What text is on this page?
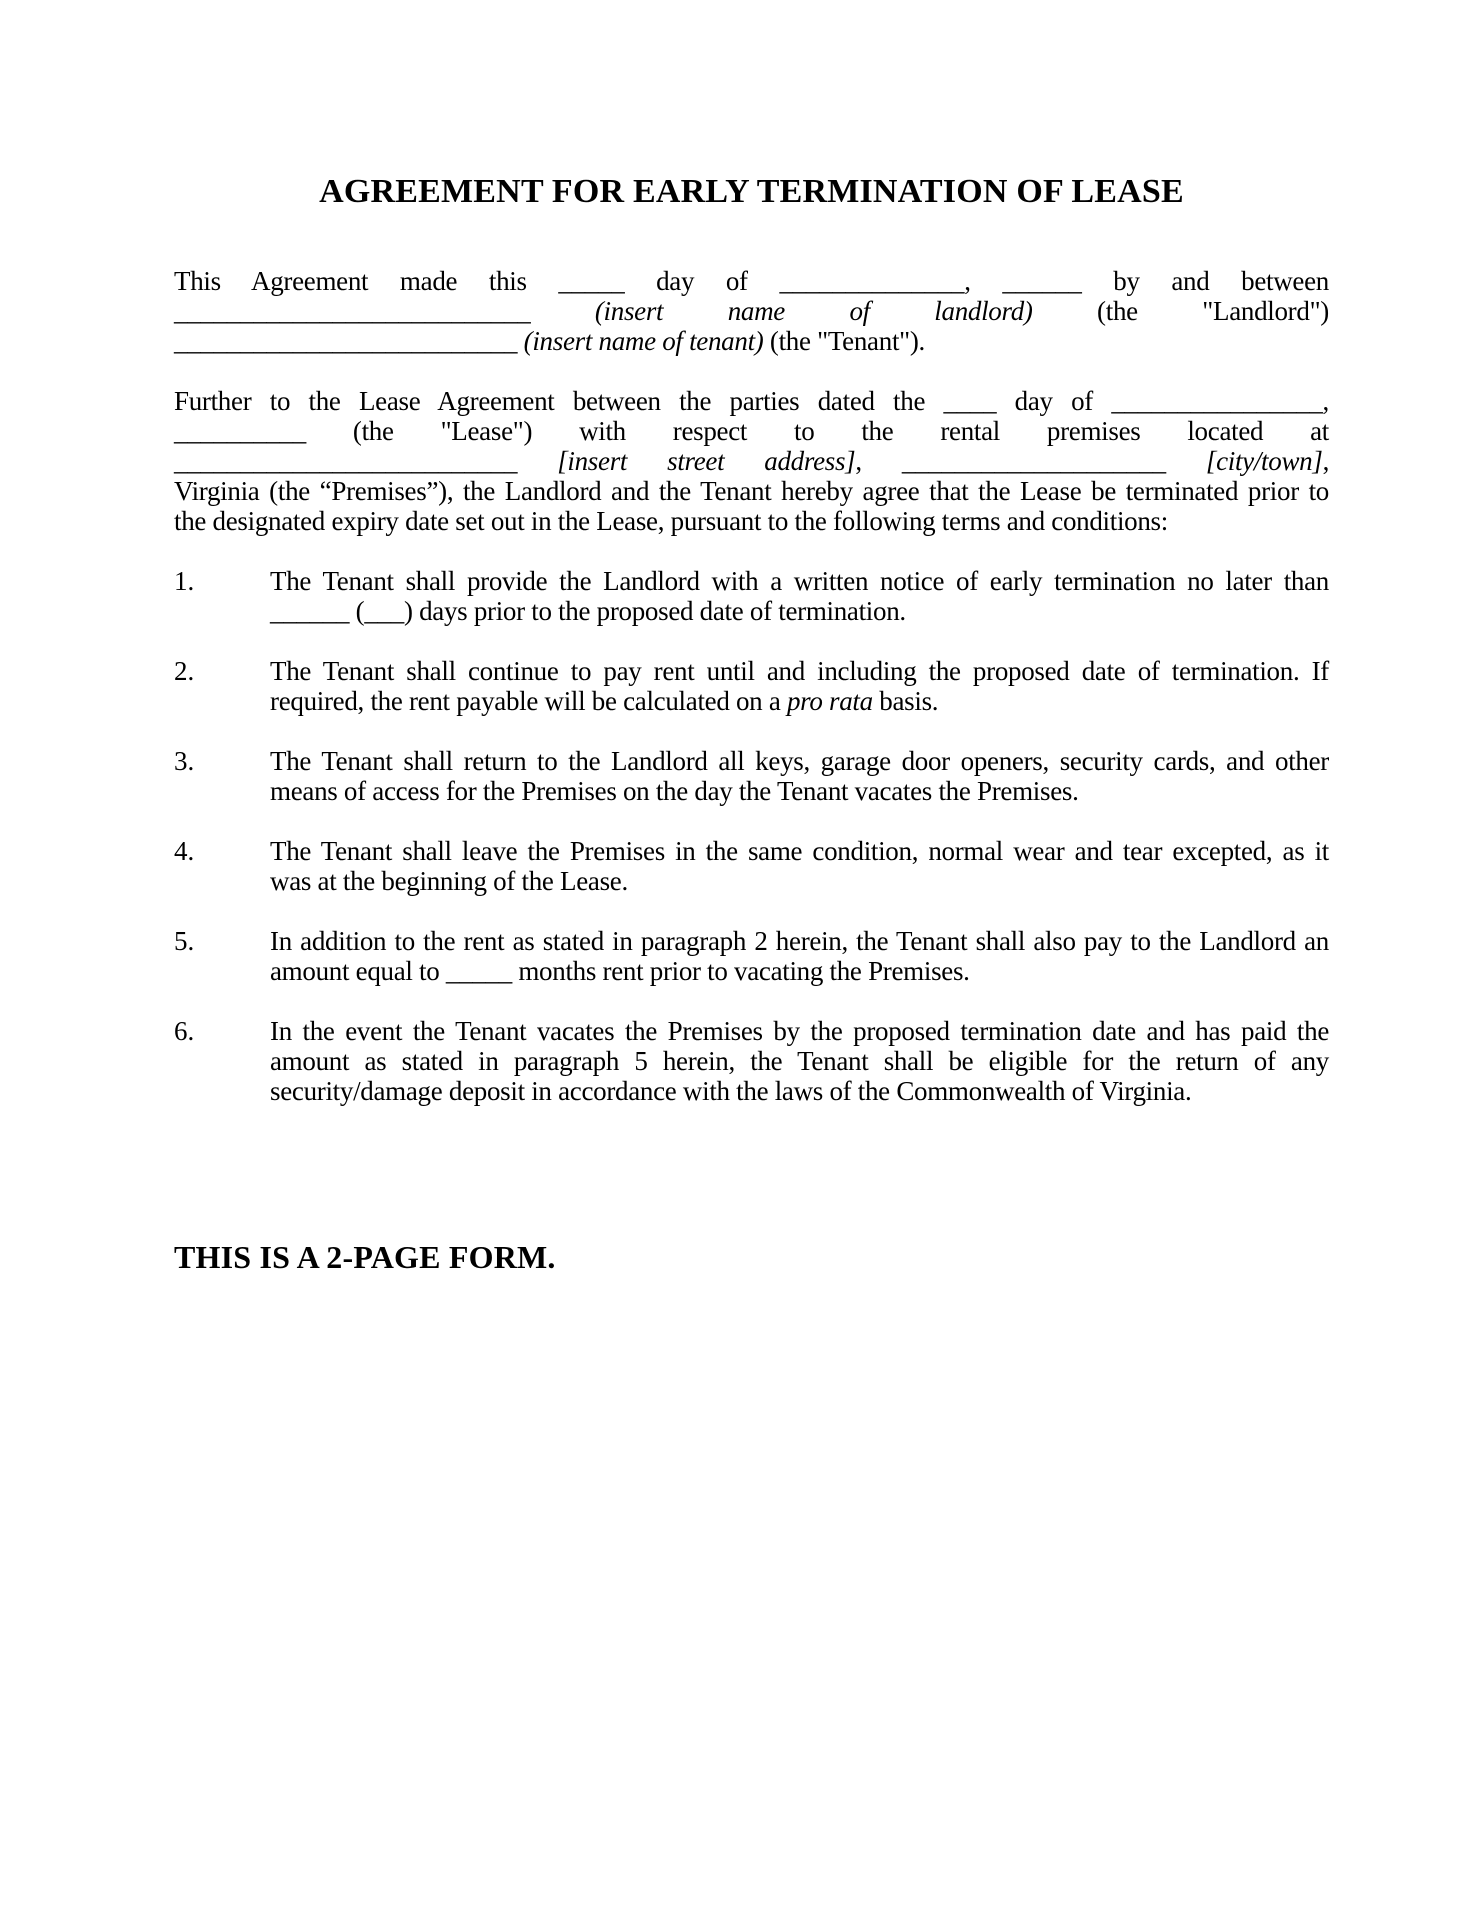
AGREEMENT FOR EARLY TERMINATION OF LEASE
This Agreement made this _____ day of ______________, ______ by and between
___________________________ (insert name of landlord) (the "Landlord")
__________________________ (insert name of tenant) (the "Tenant").
Further to the Lease Agreement between the parties dated the ____ day of ________________,
__________ (the "Lease") with respect to the rental premises located at
__________________________ [insert street address], ____________________ [city/town],
Virginia (the “Premises”), the Landlord and the Tenant hereby agree that the Lease be terminated prior to
the designated expiry date set out in the Lease, pursuant to the following terms and conditions:
1.	The Tenant shall provide the Landlord with a written notice of early termination no later than
______ (___) days prior to the proposed date of termination.
2.	The Tenant shall continue to pay rent until and including the proposed date of termination. If
required, the rent payable will be calculated on a pro rata basis.
3.	The Tenant shall return to the Landlord all keys, garage door openers, security cards, and other
means of access for the Premises on the day the Tenant vacates the Premises.
4.	The Tenant shall leave the Premises in the same condition, normal wear and tear excepted, as it
was at the beginning of the Lease.
5.	In addition to the rent as stated in paragraph 2 herein, the Tenant shall also pay to the Landlord an
amount equal to _____ months rent prior to vacating the Premises.
6.	In the event the Tenant vacates the Premises by the proposed termination date and has paid the
amount as stated in paragraph 5 herein, the Tenant shall be eligible for the return of any
security/damage deposit in accordance with the laws of the Commonwealth of Virginia.
THIS IS A 2-PAGE FORM.
